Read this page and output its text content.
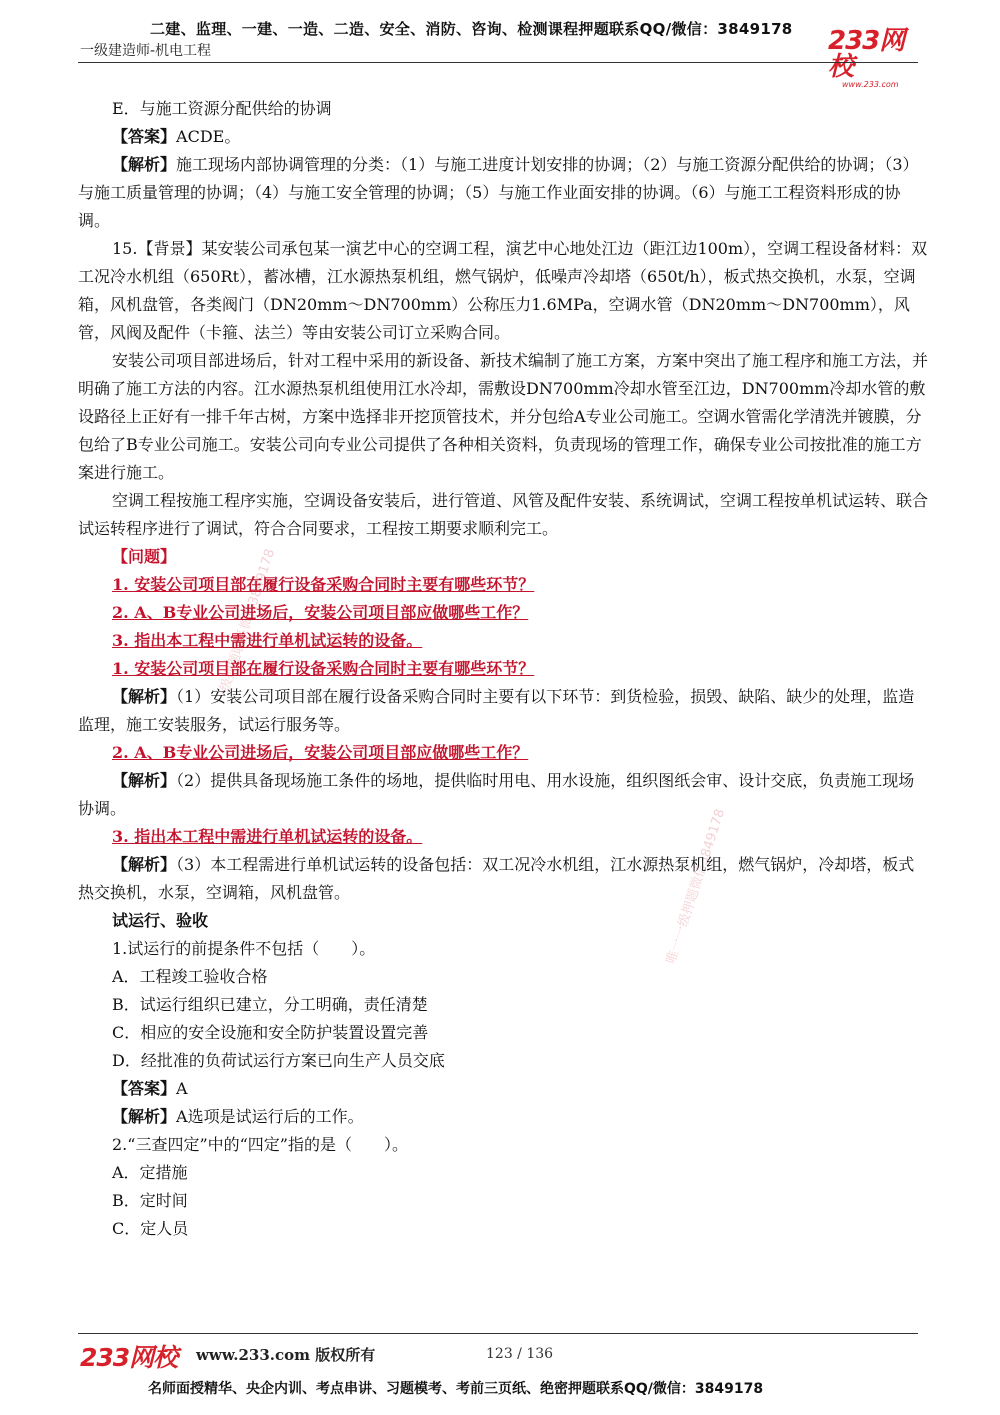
二建、监理、一建、一造、二造、安全、消防、咨询、检测课程押题联系QQ/微信：3849178
一级建造师-机电工程	233网校
www.233.com
一级押题联系微信3849178
唯一一级押题微信3849178

E．与施工资源分配供给的协调

【答案】ACDE。

【解析】施工现场内部协调管理的分类：（1）与施工进度计划安排的协调；（2）与施工资源分配供给的协调；（3）与施工质量管理的协调；（4）与施工安全管理的协调；（5）与施工作业面安排的协调。（6）与施工工程资料形成的协调。

15.【背景】某安装公司承包某一演艺中心的空调工程，演艺中心地处江边（距江边100m），空调工程设备材料：双工况冷水机组（650Rt），蓄冰槽，江水源热泵机组，燃气锅炉，低噪声冷却塔（650t/h），板式热交换机，水泵，空调箱，风机盘管，各类阀门（DN20mm～DN700mm）公称压力1.6MPa，空调水管（DN20mm～DN700mm），风管，风阀及配件（卡箍、法兰）等由安装公司订立采购合同。

安装公司项目部进场后，针对工程中采用的新设备、新技术编制了施工方案，方案中突出了施工程序和施工方法，并明确了施工方法的内容。江水源热泵机组使用江水冷却，需敷设DN700mm冷却水管至江边，DN700mm冷却水管的敷设路径上正好有一排千年古树，方案中选择非开挖顶管技术，并分包给A专业公司施工。空调水管需化学清洗并镀膜，分包给了B专业公司施工。安装公司向专业公司提供了各种相关资料，负责现场的管理工作，确保专业公司按批准的施工方案进行施工。

空调工程按施工程序实施，空调设备安装后，进行管道、风管及配件安装、系统调试，空调工程按单机试运转、联合试运转程序进行了调试，符合合同要求，工程按工期要求顺利完工。

【问题】

1. 安装公司项目部在履行设备采购合同时主要有哪些环节？

2. A、B专业公司进场后，安装公司项目部应做哪些工作？

3. 指出本工程中需进行单机试运转的设备。

1. 安装公司项目部在履行设备采购合同时主要有哪些环节？

【解析】（1）安装公司项目部在履行设备采购合同时主要有以下环节：到货检验，损毁、缺陷、缺少的处理，监造监理，施工安装服务，试运行服务等。

2. A、B专业公司进场后，安装公司项目部应做哪些工作？

【解析】（2）提供具备现场施工条件的场地，提供临时用电、用水设施，组织图纸会审、设计交底，负责施工现场协调。

3. 指出本工程中需进行单机试运转的设备。

【解析】（3）本工程需进行单机试运转的设备包括：双工况冷水机组，江水源热泵机组，燃气锅炉，冷却塔，板式热交换机，水泵，空调箱，风机盘管。

试运行、验收

1.试运行的前提条件不包括（　　）。

A．工程竣工验收合格

B．试运行组织已建立，分工明确，责任清楚

C．相应的安全设施和安全防护装置设置完善

D．经批准的负荷试运行方案已向生产人员交底

【答案】A

【解析】A选项是试运行后的工作。

2.“三查四定”中的“四定”指的是（　　）。

A．定措施

B．定时间

C．定人员

233网校 www.233.com 版权所有	123 / 136
名师面授精华、央企内训、考点串讲、习题模考、考前三页纸、绝密押题联系QQ/微信：3849178
